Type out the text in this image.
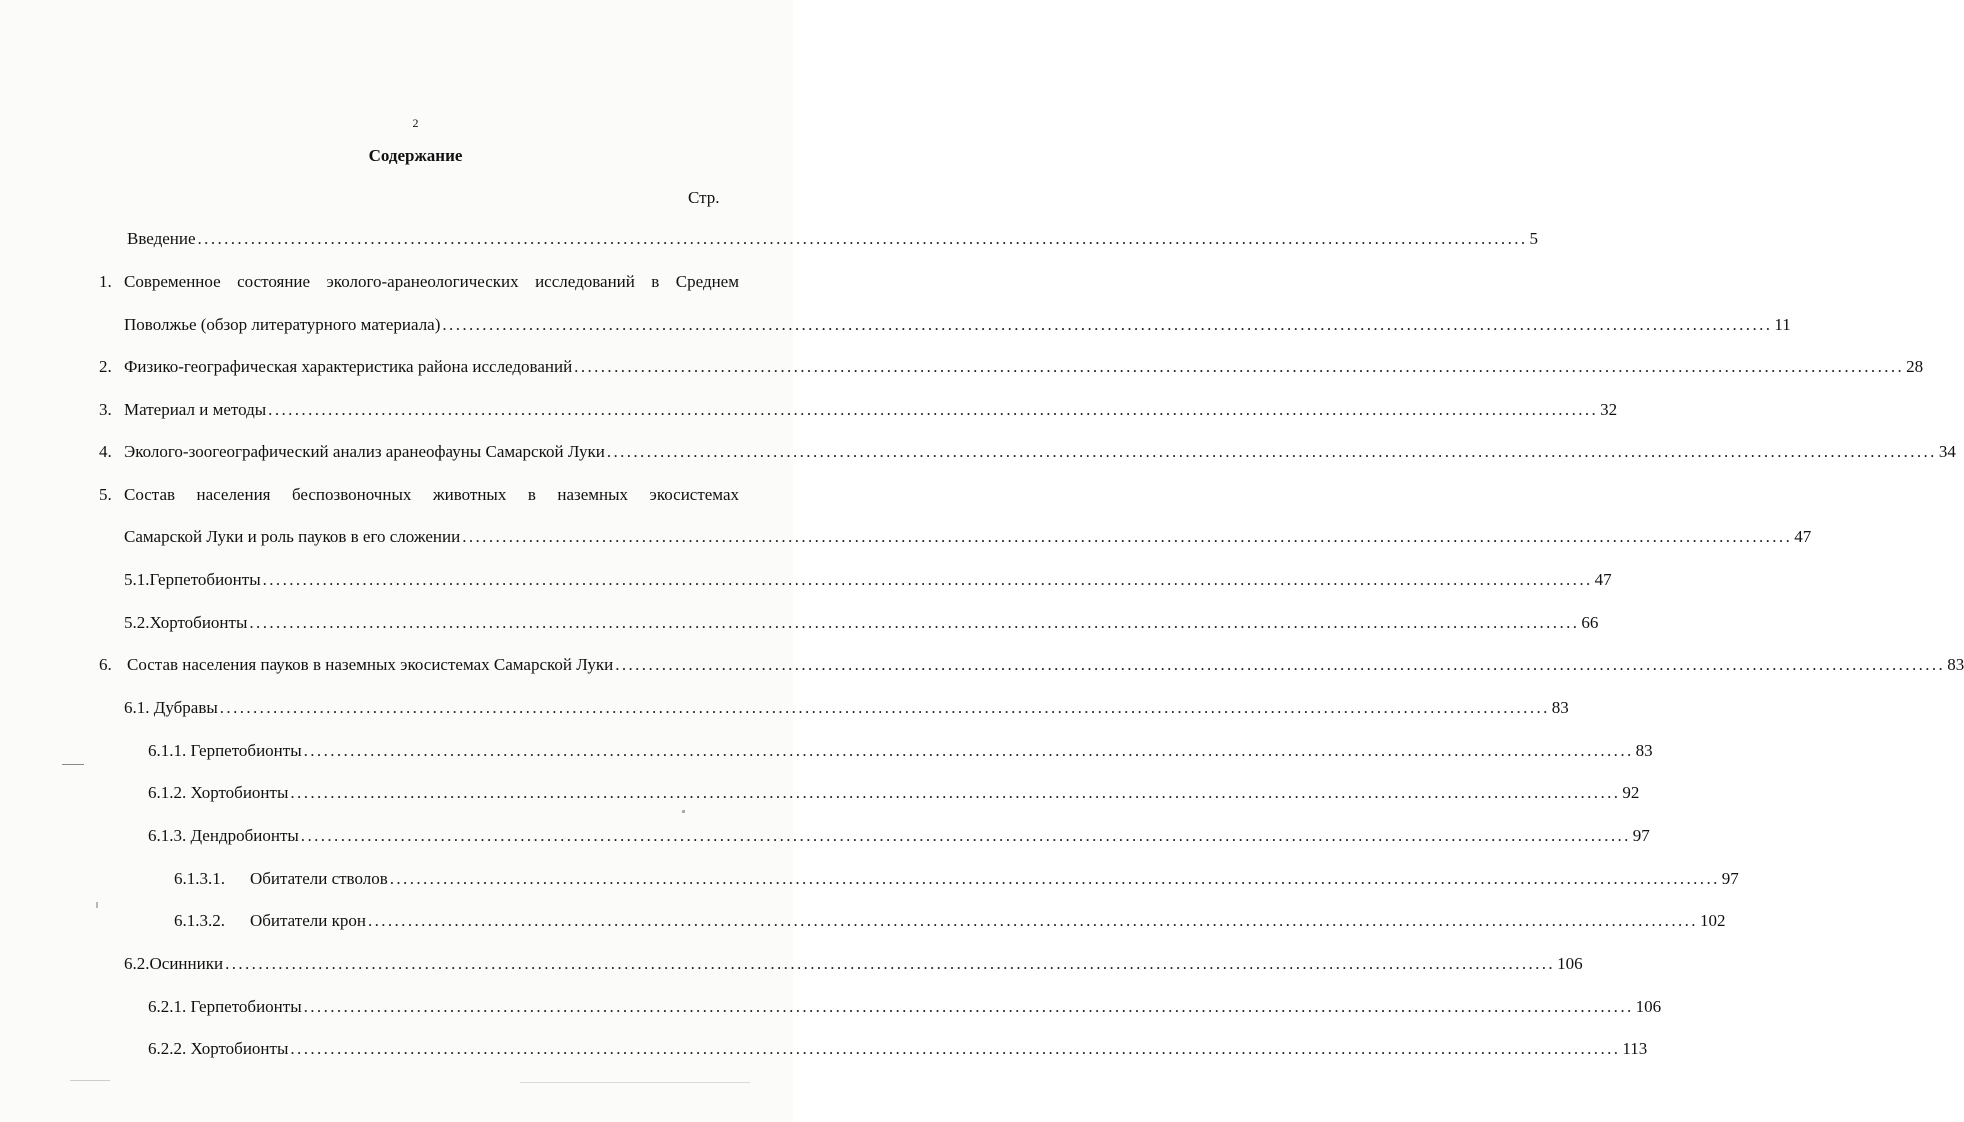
2
Содержание
Стр.
Введение ........................................................................................................................................................................................................ 5
1. Современное состояние эколого-аранеологических исследований в Среднем
Поволжье (обзор литературного материала) ........................................................................................................................................................................................................ 11
2. Физико-географическая характеристика района исследований ........................................................................................................................................................................................................ 28
3. Материал и методы ........................................................................................................................................................................................................ 32
4. Эколого-зоогеографический анализ аранеофауны Самарской Луки ........................................................................................................................................................................................................ 34
5. Состав населения беспозвоночных животных в наземных экосистемах
Самарской Луки и роль пауков в его сложении ........................................................................................................................................................................................................ 47
5.1.Герпетобионты ........................................................................................................................................................................................................ 47
5.2.Хортобионты ........................................................................................................................................................................................................ 66
6. Состав населения пауков в наземных экосистемах Самарской Луки ........................................................................................................................................................................................................ 83
6.1. Дубравы ........................................................................................................................................................................................................ 83
6.1.1. Герпетобионты ........................................................................................................................................................................................................ 83
6.1.2. Хортобионты ........................................................................................................................................................................................................ 92
6.1.3. Дендробионты ........................................................................................................................................................................................................ 97
6.1.3.1.	Обитатели стволов ........................................................................................................................................................................................................ 97
6.1.3.2.	Обитатели крон ........................................................................................................................................................................................................ 102
6.2.Осинники ........................................................................................................................................................................................................ 106
6.2.1. Герпетобионты ........................................................................................................................................................................................................ 106
6.2.2. Хортобионты ........................................................................................................................................................................................................ 113
